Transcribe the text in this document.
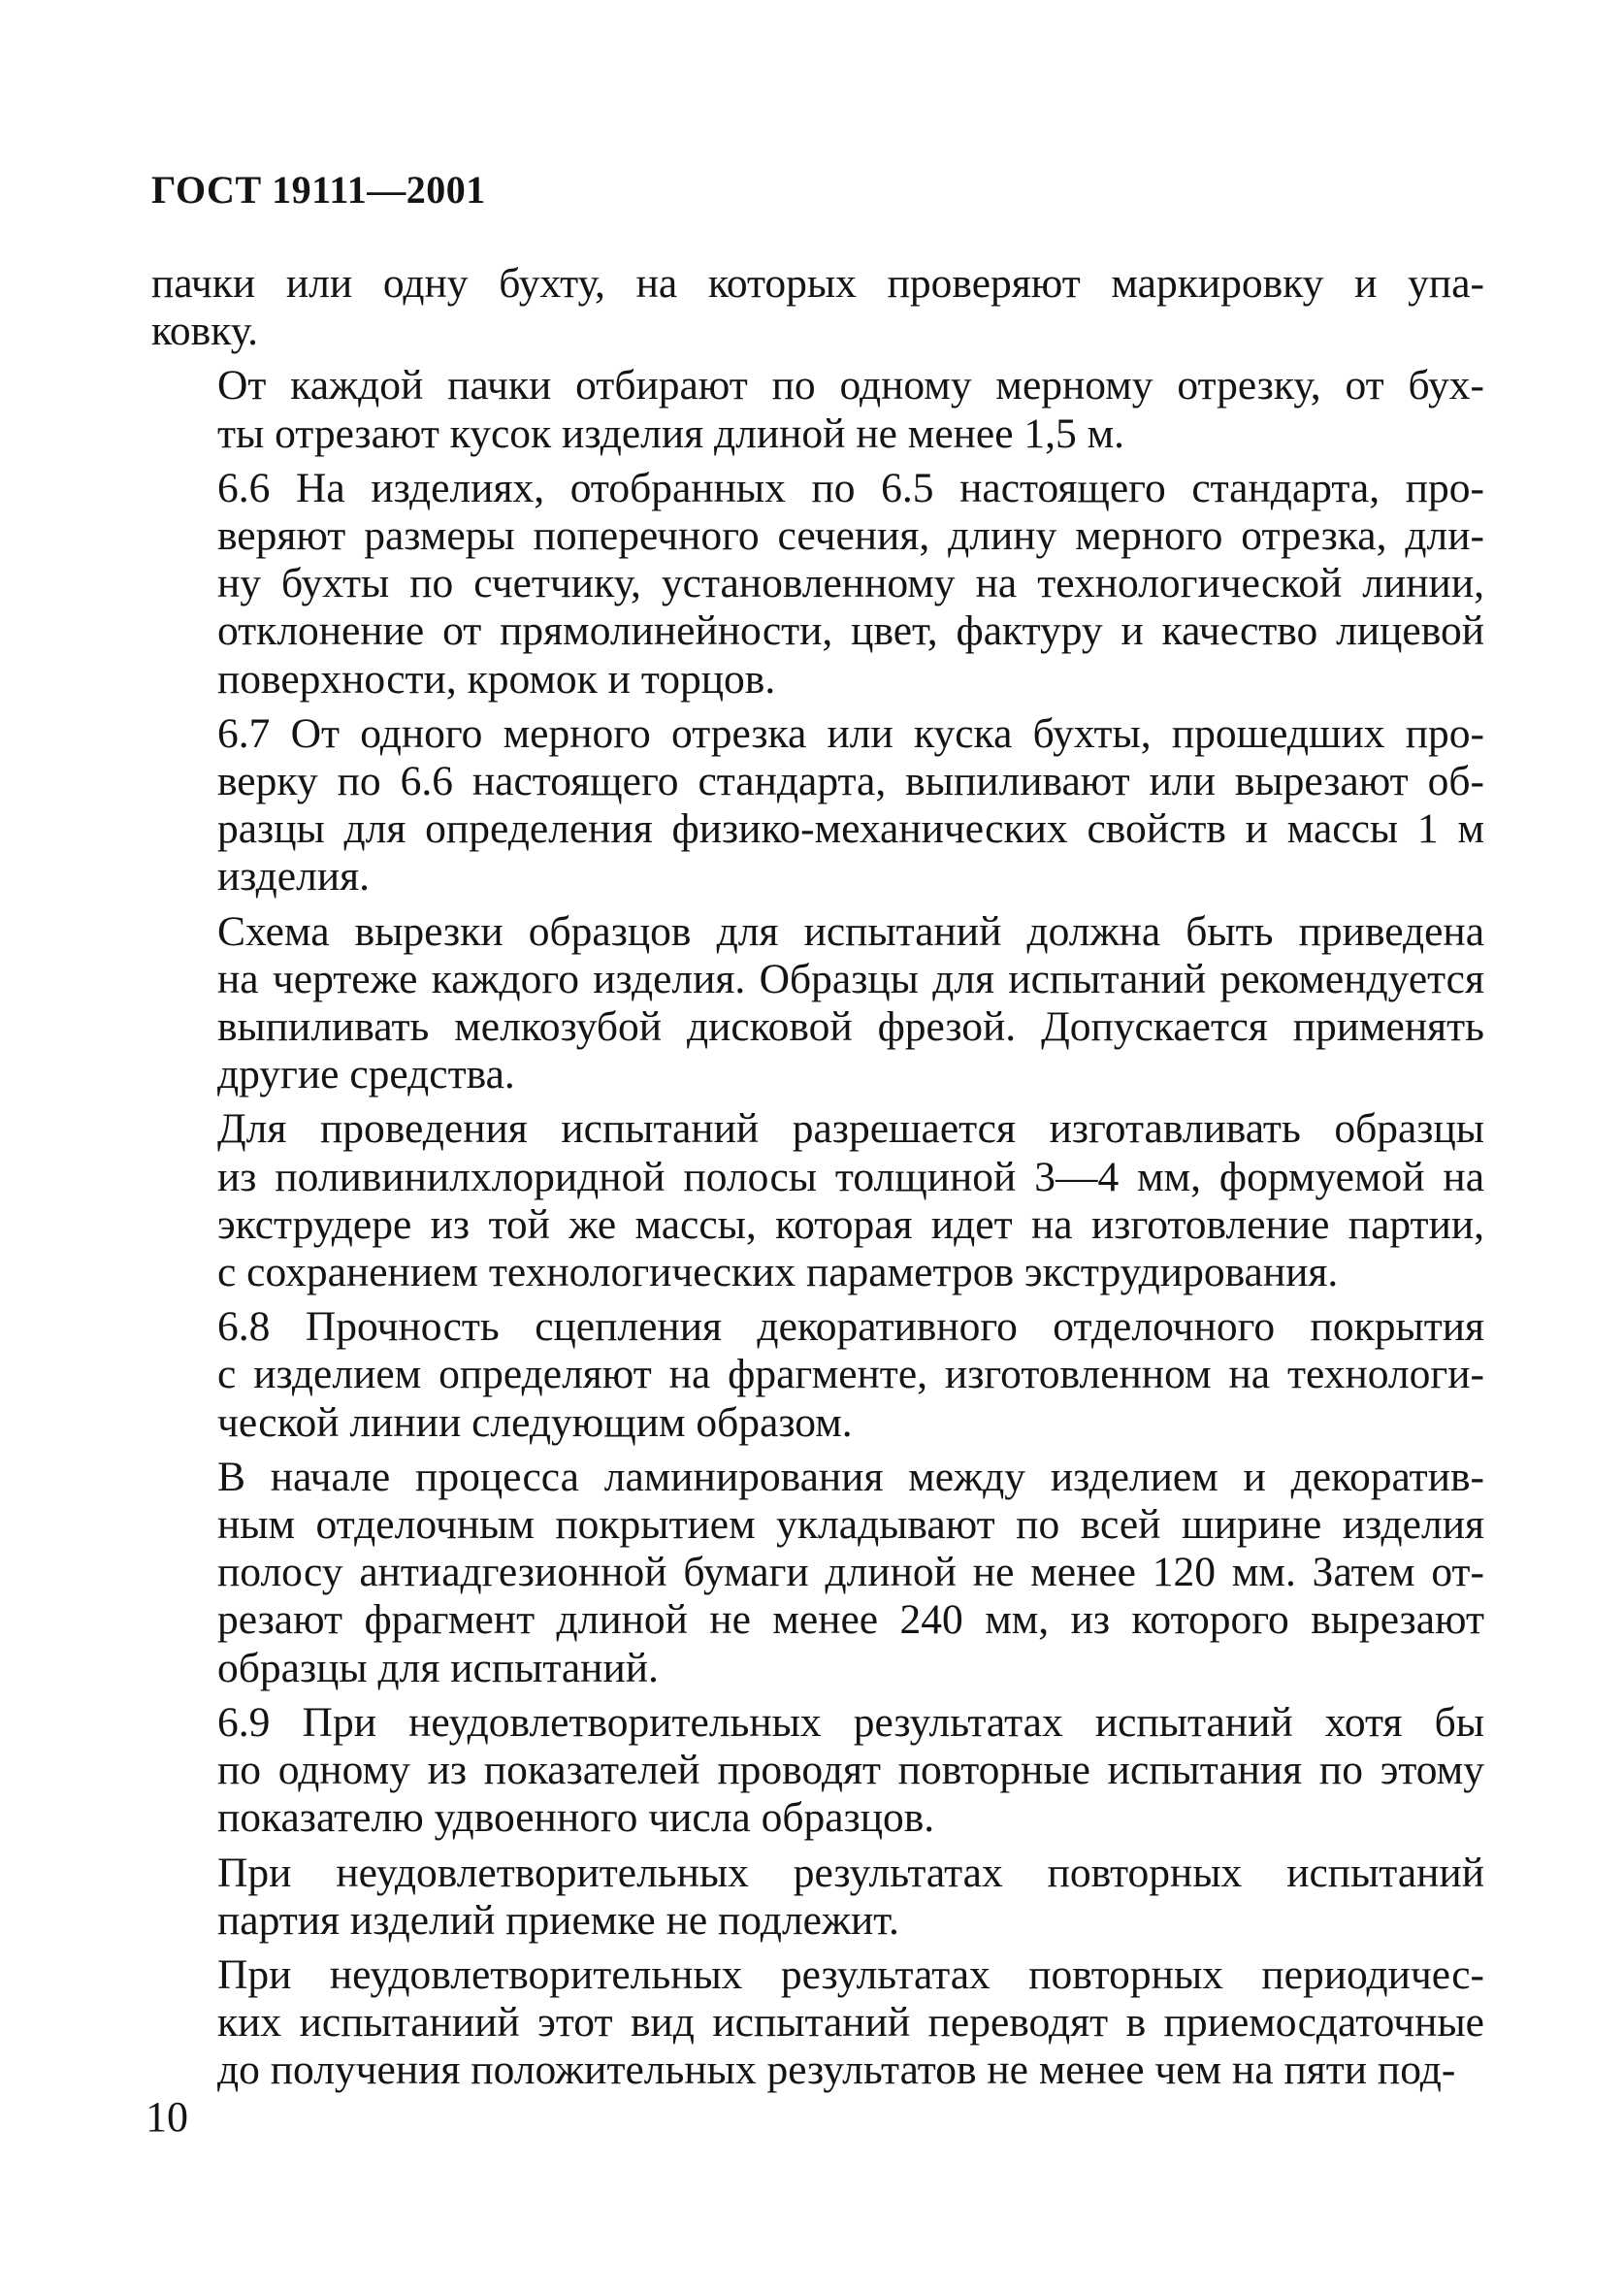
ГОСТ 19111—2001
пачки или одну бухту, на которых проверяют маркировку и упа-
ковку.
От каждой пачки отбирают по одному мерному отрезку, от бух-
ты отрезают кусок изделия длиной не менее 1,5 м.
6.6 На изделиях, отобранных по 6.5 настоящего стандарта, про-
веряют размеры поперечного сечения, длину мерного отрезка, дли-
ну бухты по счетчику, установленному на технологической линии,
отклонение от прямолинейности, цвет, фактуру и качество лицевой
поверхности, кромок и торцов.
6.7 От одного мерного отрезка или куска бухты, прошедших про-
верку по 6.6 настоящего стандарта, выпиливают или вырезают об-
разцы для определения физико-механических свойств и массы 1 м
изделия.
Схема вырезки образцов для испытаний должна быть приведена
на чертеже каждого изделия. Образцы для испытаний рекомендуется
выпиливать мелкозубой дисковой фрезой. Допускается применять
другие средства.
Для проведения испытаний разрешается изготавливать образцы
из поливинилхлоридной полосы толщиной 3—4 мм, формуемой на
экструдере из той же массы, которая идет на изготовление партии,
с сохранением технологических параметров экструдирования.
6.8 Прочность сцепления декоративного отделочного покрытия
с изделием определяют на фрагменте, изготовленном на технологи-
ческой линии следующим образом.
В начале процесса ламинирования между изделием и декоратив-
ным отделочным покрытием укладывают по всей ширине изделия
полосу антиадгезионной бумаги длиной не менее 120 мм. Затем от-
резают фрагмент длиной не менее 240 мм, из которого вырезают
образцы для испытаний.
6.9 При неудовлетворительных результатах испытаний хотя бы
по одному из показателей проводят повторные испытания по этому
показателю удвоенного числа образцов.
При неудовлетворительных результатах повторных испытаний
партия изделий приемке не подлежит.
При неудовлетворительных результатах повторных периодичес-
ких испытаниий этот вид испытаний переводят в приемосдаточные
до получения положительных результатов не менее чем на пяти под-
10
